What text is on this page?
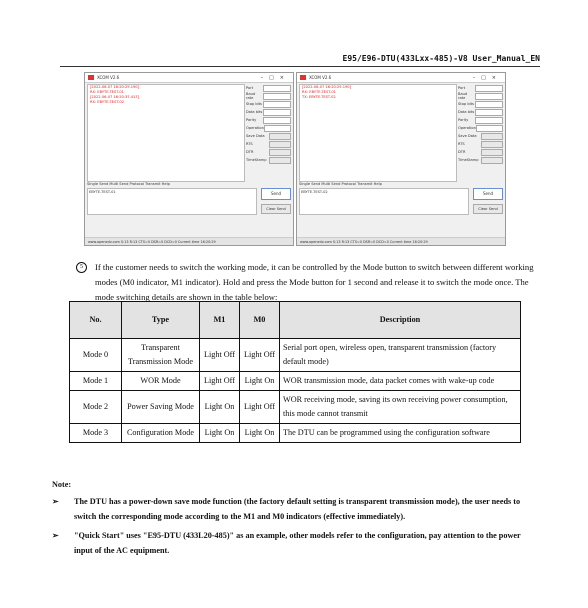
E95/E96-DTU(433Lxx-485)-V8 User_Manual_EN
XCOM V2.6	–□×
[2022-06-07 16:20:29.190]
RX: EBYTE-TEST-01
[2022-06-07 16:20:37.417]
RX: EBYTE-TEST-02
Port
Baud rate
Stop bits
Data bits
Parity
Operation
Save Data
RTS
DTR
TimeStamp
Single Send Multi Send Protocol Transmit Help
EBYTE-TEST-01	Send
Clear Send
www.openedv.com S:13 R:13 CTS=0 DSR=0 DCD=0 Current time 16:20:29
XCOM V2.6	–□×
[2022-06-07 16:20:29.190]
RX: EBYTE-TEST-01
TX: EBYTE-TEST-02
Port
Baud rate
Stop bits
Data bits
Parity
Operation
Save Data
RTS
DTR
TimeStamp
Single Send Multi Send Protocol Transmit Help
EBYTE-TEST-02	Send
Clear Send
www.openedv.com S:13 R:13 CTS=0 DSR=0 DCD=0 Current time 16:20:29
5	If the customer needs to switch the working mode, it can be controlled by the Mode button to switch between different working modes (M0 indicator, M1 indicator). Hold and press the Mode button for 1 second and release it to switch the mode once. The mode switching details are shown in the table below:
No.	Type	M1	M0	Description
Mode 0	Transparent Transmission Mode	Light Off	Light Off	Serial port open, wireless open, transparent transmission (factory default mode)
Mode 1	WOR Mode	Light Off	Light On	WOR transmission mode, data packet comes with wake-up code
Mode 2	Power Saving Mode	Light On	Light Off	WOR receiving mode, saving its own receiving power consumption, this mode cannot transmit
Mode 3	Configuration Mode	Light On	Light On	The DTU can be programmed using the configuration software
Note:
➢ The DTU has a power-down save mode function (the factory default setting is transparent transmission mode), the user needs to switch the corresponding mode according to the M1 and M0 indicators (effective immediately).
➢ "Quick Start" uses "E95-DTU (433L20-485)" as an example, other models refer to the configuration, pay attention to the power input of the AC equipment.
